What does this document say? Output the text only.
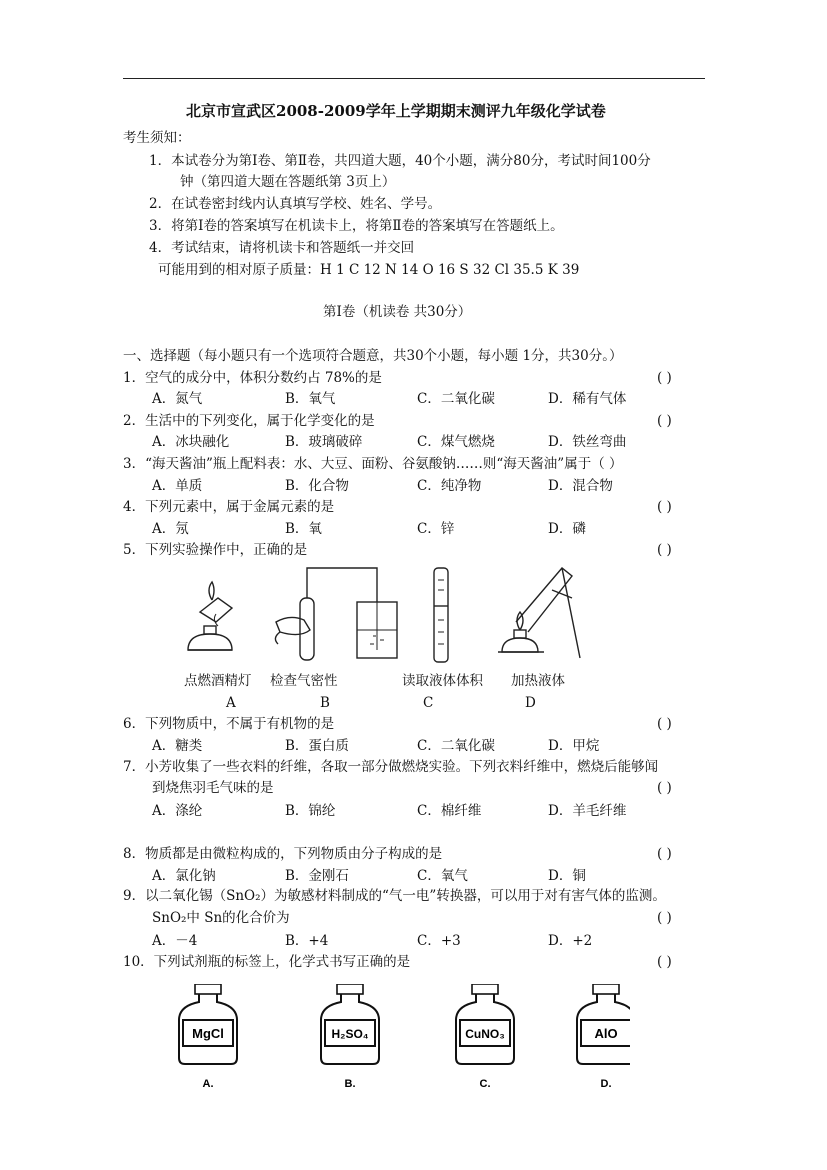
北京市宣武区2008-2009学年上学期期末测评九年级化学试卷
考生须知：
1．本试卷分为第Ⅰ卷、第Ⅱ卷，共四道大题，40个小题，满分80分，考试时间100分
钟（第四道大题在答题纸第 3页上）
2．在试卷密封线内认真填写学校、姓名、学号。
3．将第Ⅰ卷的答案填写在机读卡上，将第Ⅱ卷的答案填写在答题纸上。
4．考试结束，请将机读卡和答题纸一并交回
可能用到的相对原子质量：H 1 C 12 N 14 O 16 S 32 Cl 35.5 K 39
第Ⅰ卷（机读卷 共30分）
一、选择题（每小题只有一个选项符合题意，共30个小题，每小题 1分，共30分。）
1．空气的成分中，体积分数约占 78%的是	( )
A．氮气	B．氧气	C．二氧化碳	D．稀有气体
2．生活中的下列变化，属于化学变化的是	( )
A．冰块融化	B．玻璃破碎	C．煤气燃烧	D．铁丝弯曲
3．“海天酱油”瓶上配料表：水、大豆、面粉、谷氨酸钠……则“海天酱油”属于（ ）
A．单质	B．化合物	C．纯净物	D．混合物
4．下列元素中，属于金属元素的是	( )
A．氖	B．氧	C．锌	D．磷
5．下列实验操作中，正确的是	( )
点燃酒精灯 检查气密性	读取液体体积 加热液体
A	B	C	D
6．下列物质中，不属于有机物的是	( )
A．糖类	B．蛋白质	C．二氧化碳	D．甲烷
7．小芳收集了一些衣料的纤维，各取一部分做燃烧实验。下列衣料纤维中，燃烧后能够闻
到烧焦羽毛气味的是	( )
A．涤纶	B．锦纶	C．棉纤维	D．羊毛纤维
8．物质都是由微粒构成的，下列物质由分子构成的是	( )
A．氯化钠	B．金刚石	C．氧气	D．铜
9．以二氧化锡（SnO₂）为敏感材料制成的“气一电”转换器，可以用于对有害气体的监测。
SnO₂中 Sn的化合价为	( )
A．－4	B．+4	C．+3	D．+2
10．下列试剂瓶的标签上，化学式书写正确的是	( )
MgCl	H₂SO₄	CuNO₃	AlO
A.	B.	C.	D.
